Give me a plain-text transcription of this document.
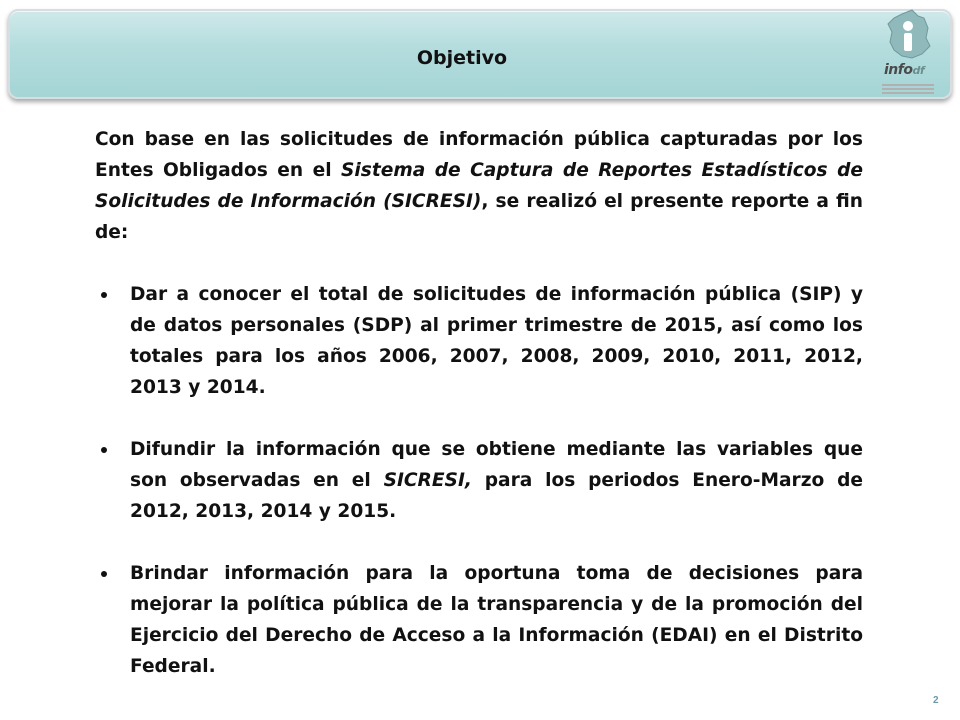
Objetivo
infodf

Con base en las solicitudes de información pública capturadas por los Entes Obligados en el Sistema de Captura de Reportes Estadísticos de Solicitudes de Información (SICRESI), se realizó el presente reporte a fin de:

Dar a conocer el total de solicitudes de información pública (SIP) y de datos personales (SDP) al primer trimestre de 2015, así como los totales para los años 2006, 2007, 2008, 2009, 2010, 2011, 2012, 2013 y 2014.
Difundir la información que se obtiene mediante las variables que son observadas en el SICRESI, para los periodos Enero-Marzo de 2012, 2013, 2014 y 2015.
Brindar información para la oportuna toma de decisiones para mejorar la política pública de la transparencia y de la promoción del Ejercicio del Derecho de Acceso a la Información (EDAI) en el Distrito Federal.
2
